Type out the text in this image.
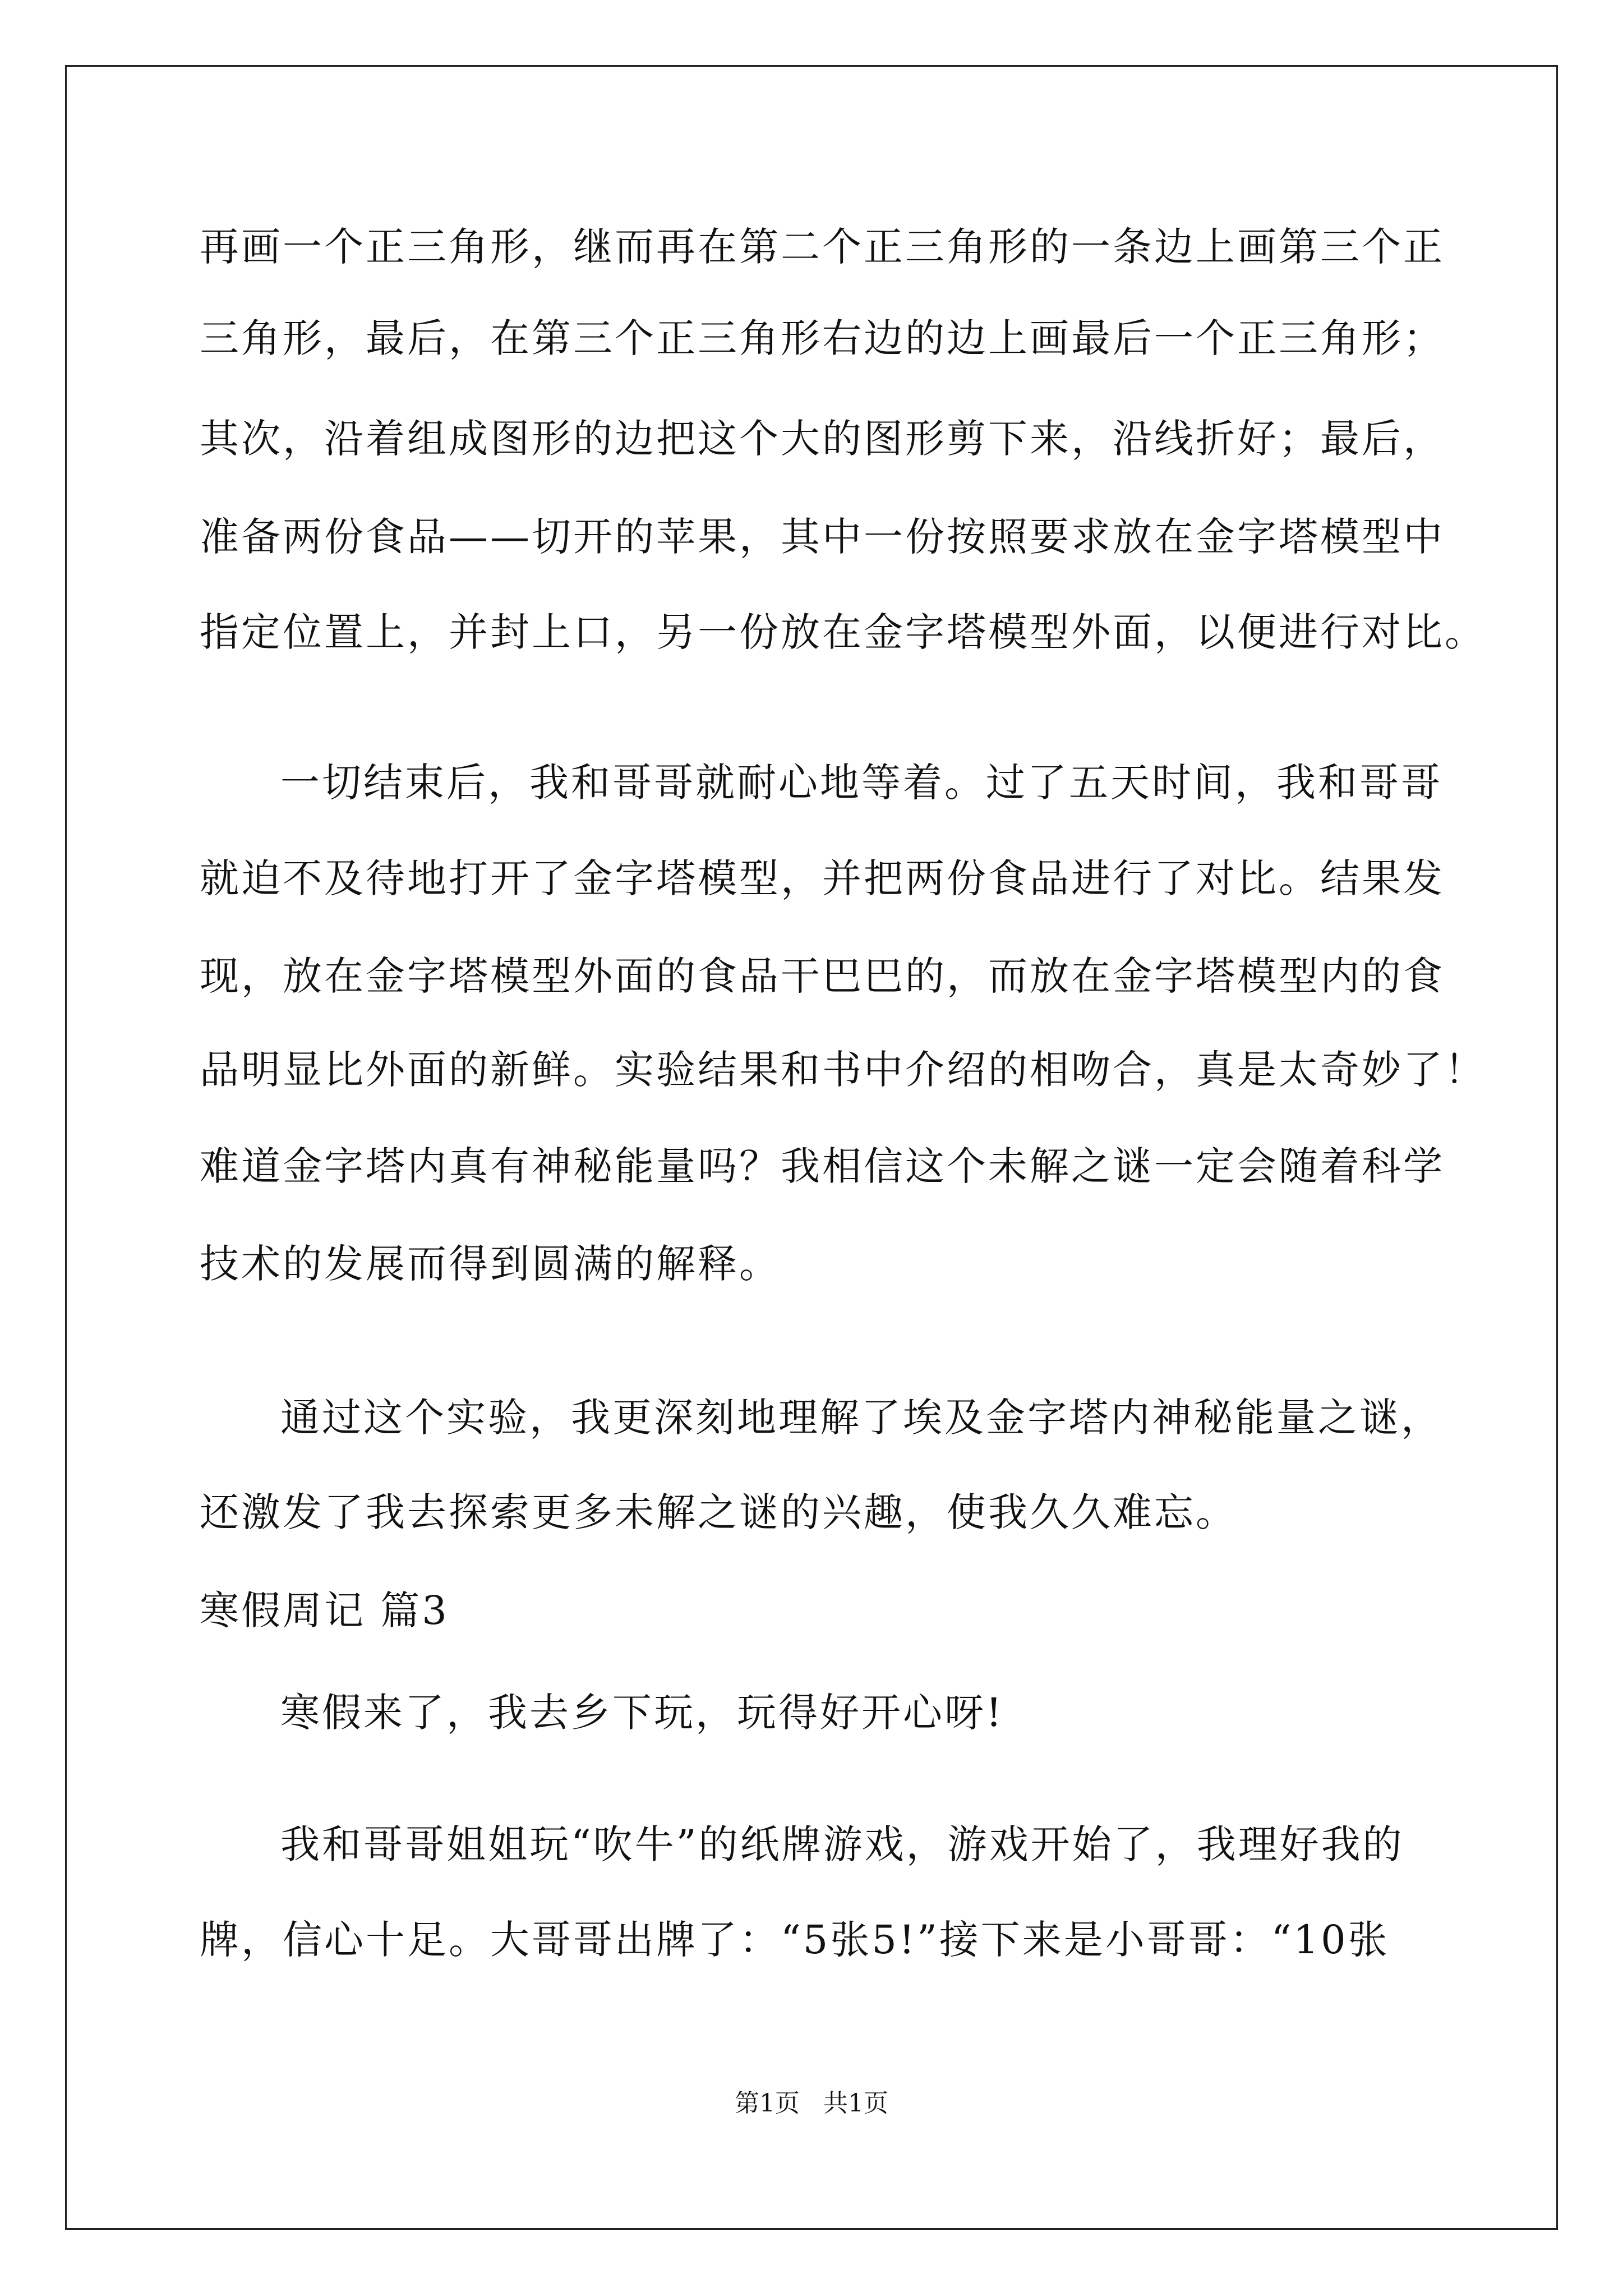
再画一个正三角形，继而再在第二个正三角形的一条边上画第三个正
三角形，最后，在第三个正三角形右边的边上画最后一个正三角形；
其次，沿着组成图形的边把这个大的图形剪下来，沿线折好；最后，
准备两份食品——切开的苹果，其中一份按照要求放在金字塔模型中
指定位置上，并封上口，另一份放在金字塔模型外面，以便进行对比。
一切结束后，我和哥哥就耐心地等着。过了五天时间，我和哥哥
就迫不及待地打开了金字塔模型，并把两份食品进行了对比。结果发
现，放在金字塔模型外面的食品干巴巴的，而放在金字塔模型内的食
品明显比外面的新鲜。实验结果和书中介绍的相吻合，真是太奇妙了！
难道金字塔内真有神秘能量吗？我相信这个未解之谜一定会随着科学
技术的发展而得到圆满的解释。
通过这个实验，我更深刻地理解了埃及金字塔内神秘能量之谜，
还激发了我去探索更多未解之谜的兴趣，使我久久难忘。
寒假周记 篇3
寒假来了，我去乡下玩，玩得好开心呀!
我和哥哥姐姐玩“吹牛”的纸牌游戏，游戏开始了，我理好我的
牌，信心十足。大哥哥出牌了：“5张5!”接下来是小哥哥：“10张
第1页   共1页
